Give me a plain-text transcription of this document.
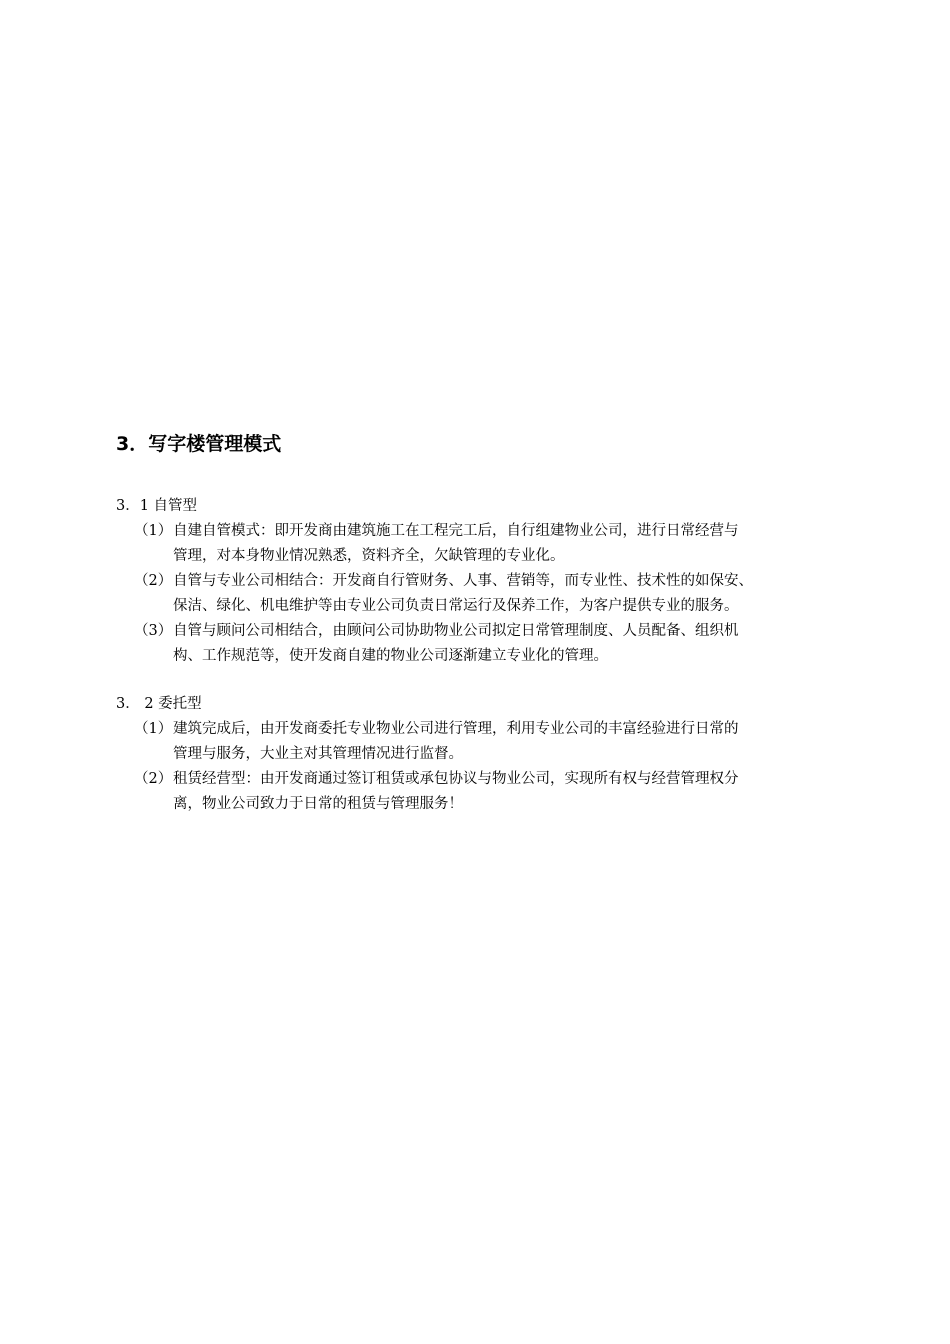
3．写字楼管理模式
3．1 自管型
（1） 自建自管模式：即开发商由建筑施工在工程完工后，自行组建物业公司，进行日常经营与
管理，对本身物业情况熟悉，资料齐全，欠缺管理的专业化。
（2） 自管与专业公司相结合：开发商自行管财务、人事、营销等，而专业性、技术性的如保安、
保洁、绿化、机电维护等由专业公司负责日常运行及保养工作，为客户提供专业的服务。
（3） 自管与顾问公司相结合，由顾问公司协助物业公司拟定日常管理制度、人员配备、组织机
构、工作规范等，使开发商自建的物业公司逐渐建立专业化的管理。
3． 2 委托型
（1） 建筑完成后，由开发商委托专业物业公司进行管理，利用专业公司的丰富经验进行日常的
管理与服务，大业主对其管理情况进行监督。
（2） 租赁经营型：由开发商通过签订租赁或承包协议与物业公司，实现所有权与经营管理权分
离，物业公司致力于日常的租赁与管理服务！
